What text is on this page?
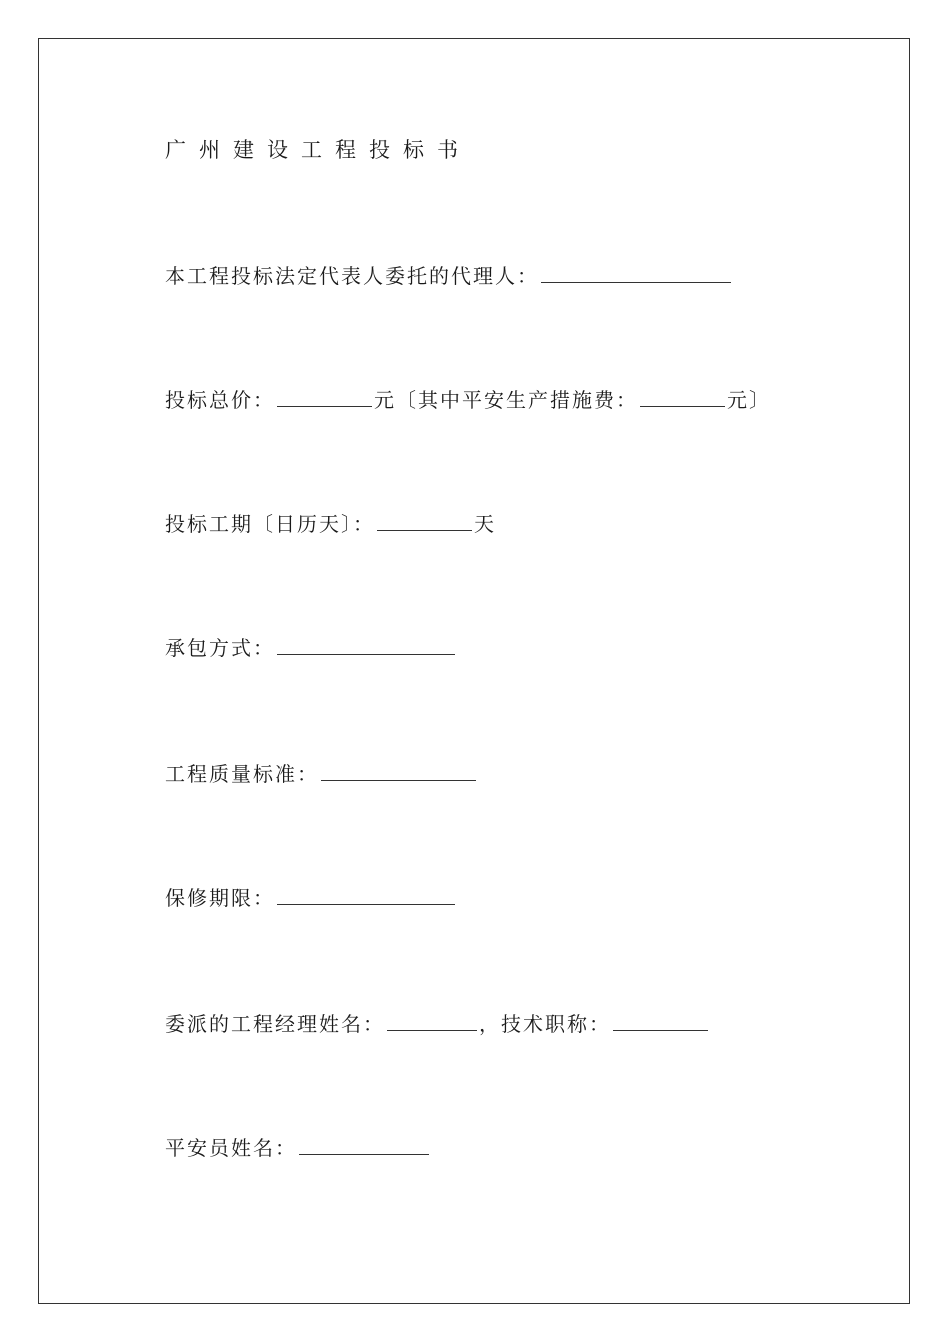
广州建设工程投标书
本工程投标法定代表人委托的代理人：
投标总价：	元〔其中平安生产措施费：	元〕
投标工期〔日历天〕：	天
承包方式：
工程质量标准：
保修期限：
委派的工程经理姓名：	，技术职称：
平安员姓名：
